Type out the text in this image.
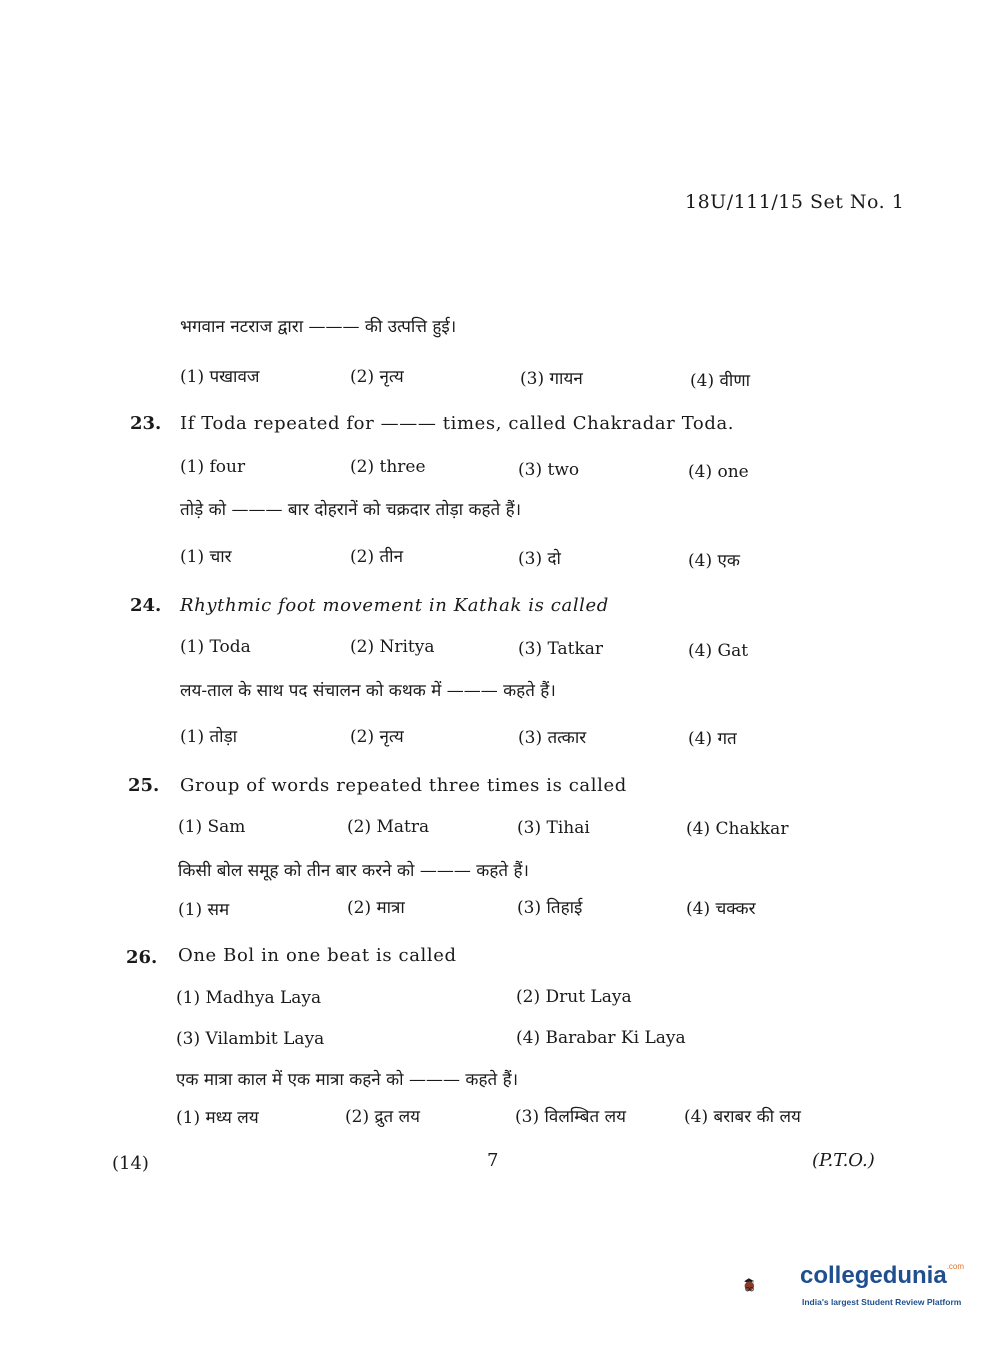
18U/111/15 Set No. 1
भगवान नटराज द्वारा ——— की उत्पत्ति हुई।
(1) पखावज	(2) नृत्य	(3) गायन	(4) वीणा
23. If Toda repeated for ——— times, called Chakradar Toda.
(1) four	(2) three	(3) two	(4) one
तोड़े को ——— बार दोहरानें को चक्रदार तोड़ा कहते हैं।
(1) चार	(2) तीन	(3) दो	(4) एक
24. Rhythmic foot movement in Kathak is called
(1) Toda	(2) Nritya	(3) Tatkar	(4) Gat
लय-ताल के साथ पद संचालन को कथक में ——— कहते हैं।
(1) तोड़ा	(2) नृत्य	(3) तत्कार	(4) गत
25. Group of words repeated three times is called
(1) Sam	(2) Matra	(3) Tihai	(4) Chakkar
किसी बोल समूह को तीन बार करने को ——— कहते हैं।
(1) सम	(2) मात्रा	(3) तिहाई	(4) चक्कर
26. One Bol in one beat is called
(1) Madhya Laya	(2) Drut Laya
(3) Vilambit Laya	(4) Barabar Ki Laya
एक मात्रा काल में एक मात्रा कहने को ——— कहते हैं।
(1) मध्य लय	(2) द्रुत लय	(3) विलम्बित लय	(4) बराबर की लय
(14)	7	(P.T.O.)
collegedunia$^{.com}$
India's largest Student Review Platform
